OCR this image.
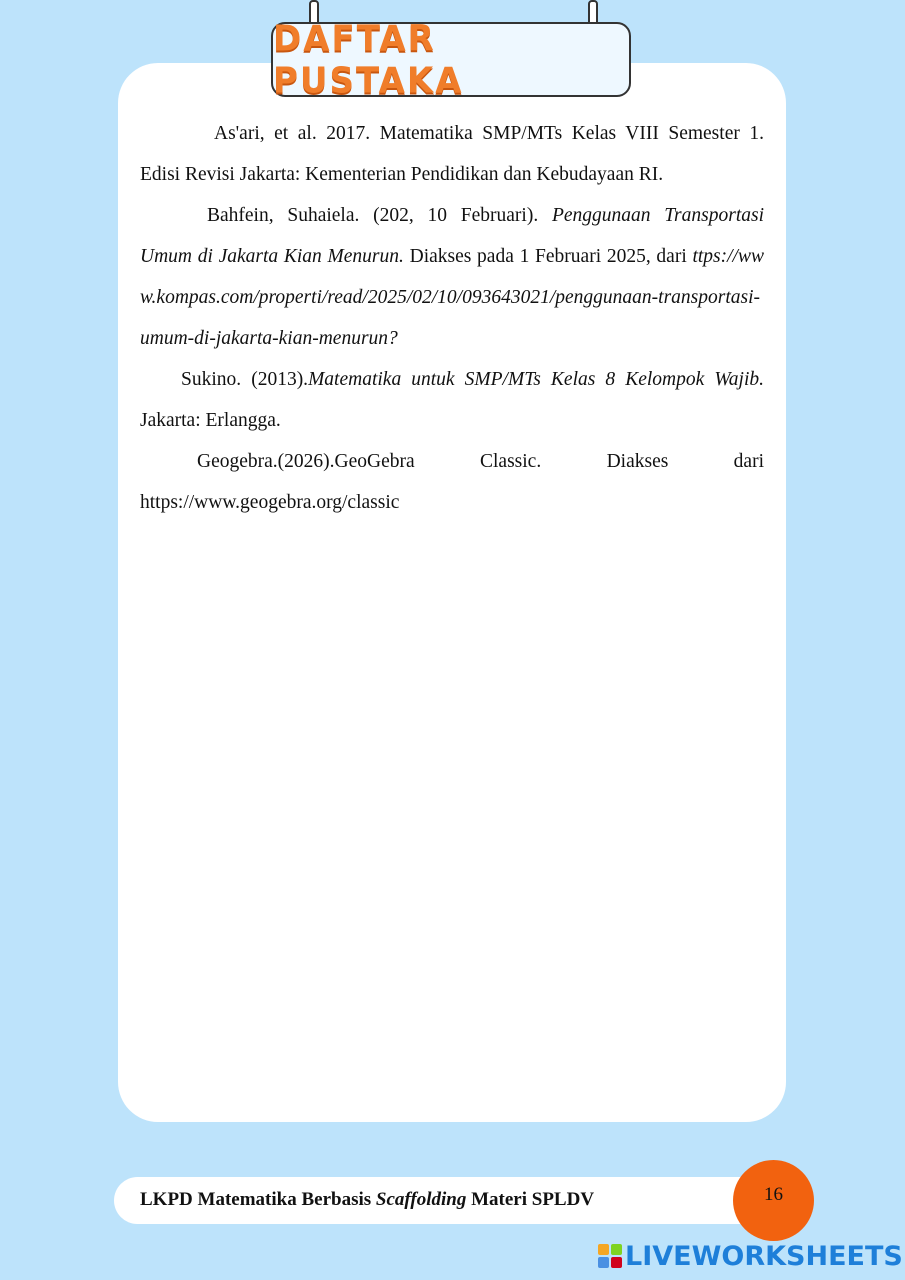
DAFTAR PUSTAKA

As'ari, et al. 2017. Matematika SMP/MTs Kelas VIII Semester 1. Edisi Revisi Jakarta: Kementerian Pendidikan dan Kebudayaan RI.

Bahfein, Suhaiela. (202, 10 Februari). Penggunaan Transportasi Umum di Jakarta Kian Menurun. Diakses pada 1 Februari 2025, dari ttps://www.kompas.com/properti/read/2025/02/10/093643021/penggunaan-transportasi-umum-di-jakarta-kian-menurun?

Sukino. (2013).Matematika untuk SMP/MTs Kelas 8 Kelompok Wajib. Jakarta: Erlangga.

Geogebra.(2026).GeoGebra Classic. Diakses dari
https://www.geogebra.org/classic

LKPD Matematika Berbasis Scaffolding Materi SPLDV	16
LIVEWORKSHEETS
